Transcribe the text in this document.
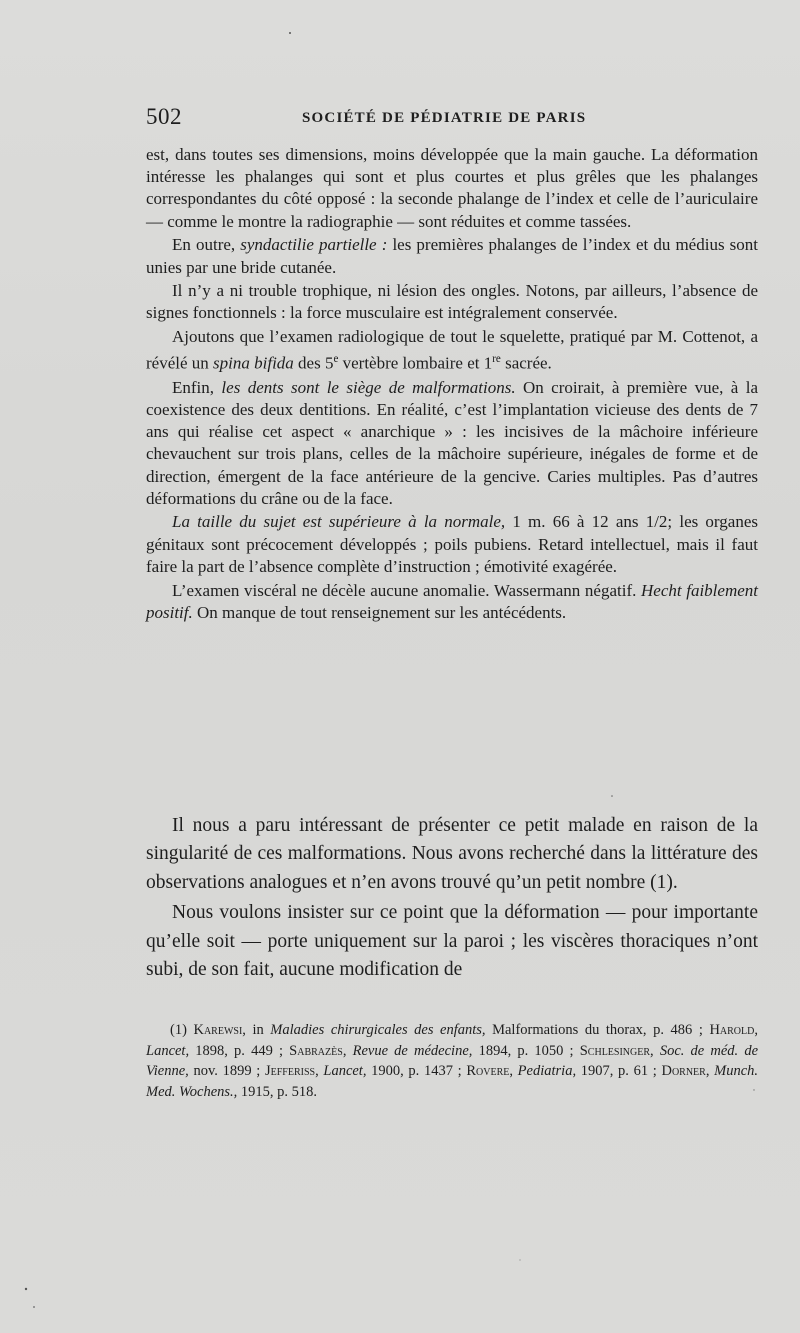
502	SOCIÉTÉ DE PÉDIATRIE DE PARIS

est, dans toutes ses dimensions, moins développée que la main gauche. La déformation intéresse les phalanges qui sont et plus courtes et plus grêles que les phalanges correspondantes du côté opposé : la seconde phalange de l’index et celle de l’auriculaire — comme le montre la radiographie — sont réduites et comme tassées.

En outre, syndactilie partielle : les premières phalanges de l’index et du médius sont unies par une bride cutanée.

Il n’y a ni trouble trophique, ni lésion des ongles. Notons, par ailleurs, l’absence de signes fonctionnels : la force musculaire est intégralement conservée.

Ajoutons que l’examen radiologique de tout le squelette, pratiqué par M. Cottenot, a révélé un spina bifida des 5e vertèbre lombaire et 1re sacrée.

Enfin, les dents sont le siège de malformations. On croirait, à première vue, à la coexistence des deux dentitions. En réalité, c’est l’implantation vicieuse des dents de 7 ans qui réalise cet aspect « anarchique » : les incisives de la mâchoire inférieure chevauchent sur trois plans, celles de la mâchoire supérieure, inégales de forme et de direction, émergent de la face antérieure de la gencive. Caries multiples. Pas d’autres déformations du crâne ou de la face.

La taille du sujet est supérieure à la normale, 1 m. 66 à 12 ans 1/2; les organes génitaux sont précocement développés ; poils pubiens. Retard intellectuel, mais il faut faire la part de l’absence complète d’instruction ; émotivité exagérée.

L’examen viscéral ne décèle aucune anomalie. Wassermann négatif. Hecht faiblement positif. On manque de tout renseignement sur les antécédents.

Il nous a paru intéressant de présenter ce petit malade en raison de la singularité de ces malformations. Nous avons recherché dans la littérature des observations analogues et n’en avons trouvé qu’un petit nombre (1).

Nous voulons insister sur ce point que la déformation — pour importante qu’elle soit — porte uniquement sur la paroi ; les viscères thoraciques n’ont subi, de son fait, aucune modification de

(1) Karewsi, in Maladies chirurgicales des enfants, Malformations du thorax, p. 486 ; Harold, Lancet, 1898, p. 449 ; Sabrazès, Revue de médecine, 1894, p. 1050 ; Schlesinger, Soc. de méd. de Vienne, nov. 1899 ; Jefferiss, Lancet, 1900, p. 1437 ; Rovere, Pediatria, 1907, p. 61 ; Dorner, Munch. Med. Wochens., 1915, p. 518.
